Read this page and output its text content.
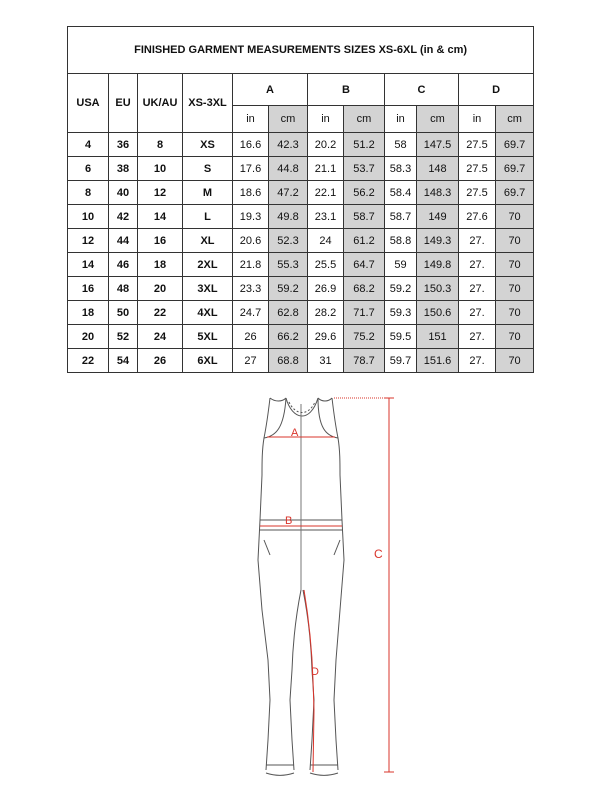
FINISHED GARMENT MEASUREMENTS SIZES XS-6XL (in & cm)											
USA	EU	UK/AU	XS-3XL	A		B		C		D	
				in	cm	in	cm	in	cm	in	cm
4	36	8	XS	16.6	42.3	20.2	51.2	58	147.5	27.5	69.7
6	38	10	S	17.6	44.8	21.1	53.7	58.3	148	27.5	69.7
8	40	12	M	18.6	47.2	22.1	56.2	58.4	148.3	27.5	69.7
10	42	14	L	19.3	49.8	23.1	58.7	58.7	149	27.6	70
12	44	16	XL	20.6	52.3	24	61.2	58.8	149.3	27.	70
14	46	18	2XL	21.8	55.3	25.5	64.7	59	149.8	27.	70
16	48	20	3XL	23.3	59.2	26.9	68.2	59.2	150.3	27.	70
18	50	22	4XL	24.7	62.8	28.2	71.7	59.3	150.6	27.	70
20	52	24	5XL	26	66.2	29.6	75.2	59.5	151	27.	70
22	54	26	6XL	27	68.8	31	78.7	59.7	151.6	27.	70
A
B
C
D
